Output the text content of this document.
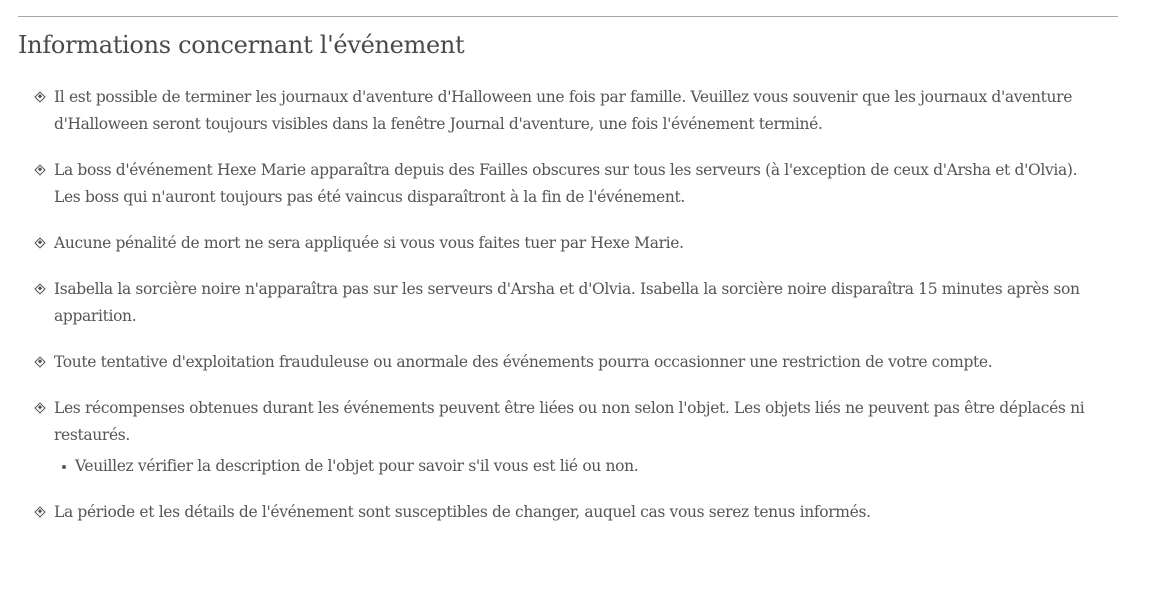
Informations concernant l'événement
Il est possible de terminer les journaux d'aventure d'Halloween une fois par famille. Veuillez vous souvenir que les journaux d'aventure d'Halloween seront toujours visibles dans la fenêtre Journal d'aventure, une fois l'événement terminé.
La boss d'événement Hexe Marie apparaîtra depuis des Failles obscures sur tous les serveurs (à l'exception de ceux d'Arsha et d'Olvia). Les boss qui n'auront toujours pas été vaincus disparaîtront à la fin de l'événement.
Aucune pénalité de mort ne sera appliquée si vous vous faites tuer par Hexe Marie.
Isabella la sorcière noire n'apparaîtra pas sur les serveurs d'Arsha et d'Olvia. Isabella la sorcière noire disparaîtra 15 minutes après son apparition.
Toute tentative d'exploitation frauduleuse ou anormale des événements pourra occasionner une restriction de votre compte.
Les récompenses obtenues durant les événements peuvent être liées ou non selon l'objet. Les objets liés ne peuvent pas être déplacés ni restaurés.
Veuillez vérifier la description de l'objet pour savoir s'il vous est lié ou non.
La période et les détails de l'événement sont susceptibles de changer, auquel cas vous serez tenus informés.
